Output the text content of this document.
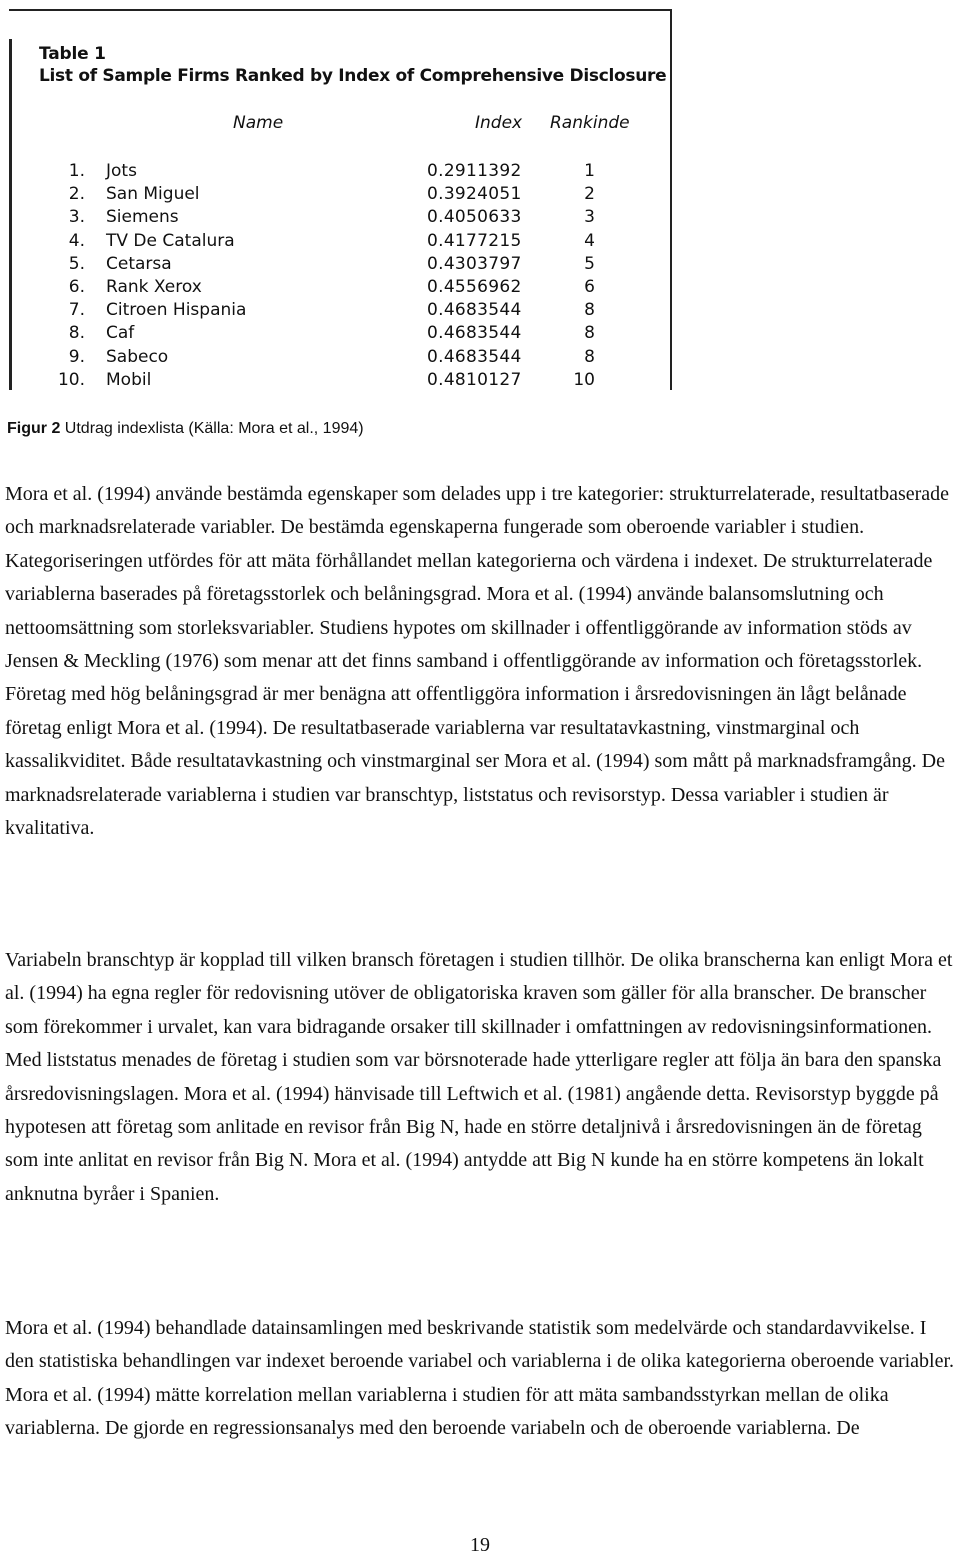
Table 1

List of Sample Firms Ranked by Index of Comprehensive Disclosure

Name	Index Rankinde
1. Jots	0.2911392	1
2. San Miguel	0.3924051	2
3. Siemens	0.4050633	3
4. TV De Catalura	0.4177215	4
5. Cetarsa	0.4303797	5
6. Rank Xerox	0.4556962	6
7. Citroen Hispania	0.4683544	8
8. Caf	0.4683544	8
9. Sabeco	0.4683544	8
10. Mobil	0.4810127	10

Figur 2 Utdrag indexlista (Källa: Mora et al., 1994)

Mora et al. (1994) använde bestämda egenskaper som delades upp i tre kategorier: strukturrelaterade, resultatbaserade och marknadsrelaterade variabler. De bestämda egenskaperna fungerade som oberoende variabler i studien. Kategoriseringen utfördes för att mäta förhållandet mellan kategorierna och värdena i indexet. De strukturrelaterade variablerna baserades på företagsstorlek och belåningsgrad. Mora et al. (1994) använde balansomslutning och nettoomsättning som storleksvariabler. Studiens hypotes om skillnader i offentliggörande av information stöds av Jensen & Meckling (1976) som menar att det finns samband i offentliggörande av information och företagsstorlek. Företag med hög belåningsgrad är mer benägna att offentliggöra information i årsredovisningen än lågt belånade företag enligt Mora et al. (1994). De resultatbaserade variablerna var resultatavkastning, vinstmarginal och kassalikviditet. Både resultatavkastning och vinstmarginal ser Mora et al. (1994) som mått på marknadsframgång. De marknadsrelaterade variablerna i studien var branschtyp, liststatus och revisorstyp. Dessa variabler i studien är kvalitativa.

Variabeln branschtyp är kopplad till vilken bransch företagen i studien tillhör. De olika branscherna kan enligt Mora et al. (1994) ha egna regler för redovisning utöver de obligatoriska kraven som gäller för alla branscher. De branscher som förekommer i urvalet, kan vara bidragande orsaker till skillnader i omfattningen av redovisningsinformationen. Med liststatus menades de företag i studien som var börsnoterade hade ytterligare regler att följa än bara den spanska årsredovisningslagen. Mora et al. (1994) hänvisade till Leftwich et al. (1981) angående detta. Revisorstyp byggde på hypotesen att företag som anlitade en revisor från Big N, hade en större detaljnivå i årsredovisningen än de företag som inte anlitat en revisor från Big N. Mora et al. (1994) antydde att Big N kunde ha en större kompetens än lokalt anknutna byråer i Spanien.

Mora et al. (1994) behandlade datainsamlingen med beskrivande statistik som medelvärde och standardavvikelse. I den statistiska behandlingen var indexet beroende variabel och variablerna i de olika kategorierna oberoende variabler. Mora et al. (1994) mätte korrelation mellan variablerna i studien för att mäta sambandsstyrkan mellan de olika variablerna. De gjorde en regressionsanalys med den beroende variabeln och de oberoende variablerna. De

19
